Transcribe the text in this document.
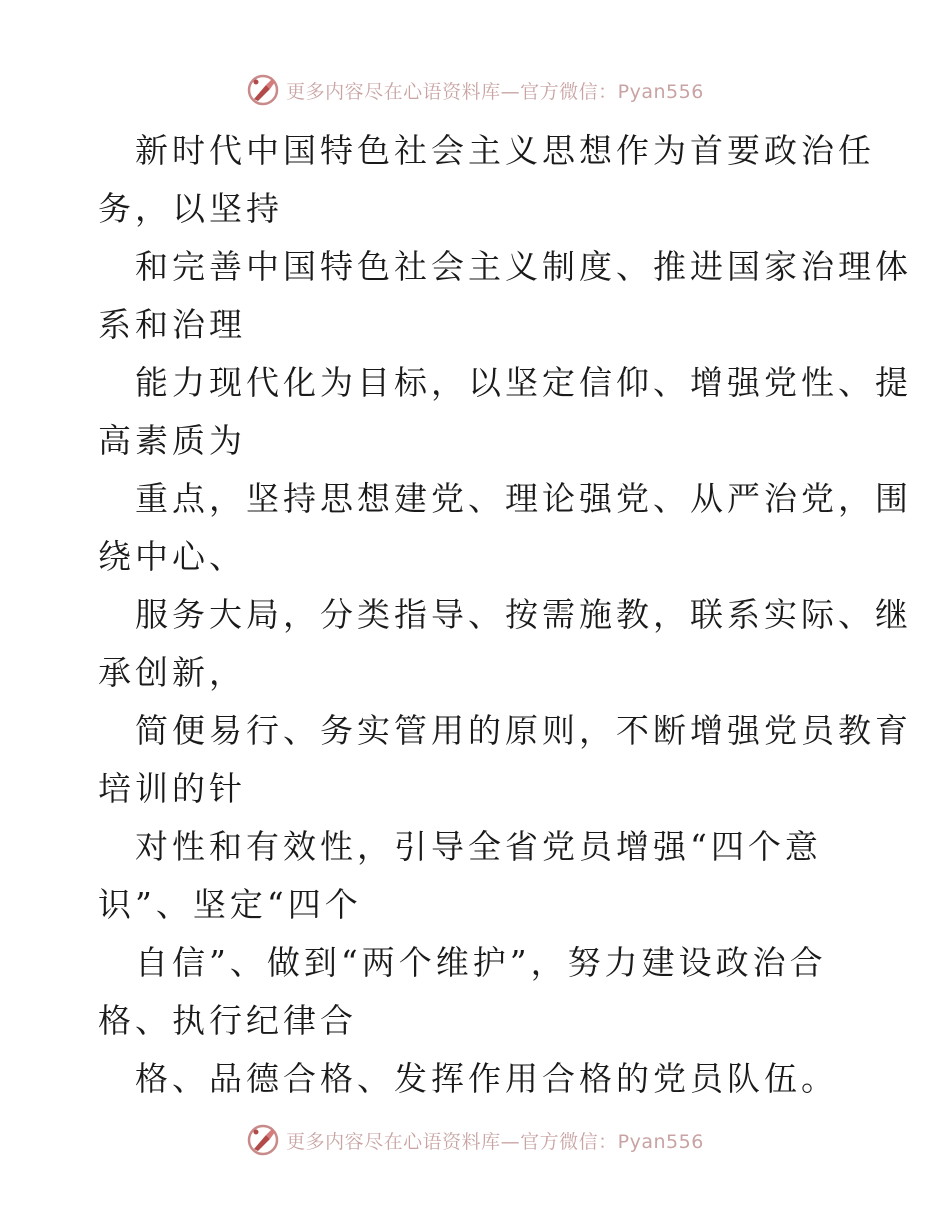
更多内容尽在心语资料库—官方微信：Pyan556

新时代中国特色社会主义思想作为首要政治任
务，以坚持

和完善中国特色社会主义制度、推进国家治理体
系和治理

能力现代化为目标，以坚定信仰、增强党性、提
高素质为

重点，坚持思想建党、理论强党、从严治党，围
绕中心、

服务大局，分类指导、按需施教，联系实际、继
承创新，

简便易行、务实管用的原则，不断增强党员教育
培训的针

对性和有效性，引导全省党员增强“四个意
识”、坚定“四个

自信”、做到“两个维护”，努力建设政治合
格、执行纪律合

格、品德合格、发挥作用合格的党员队伍。

更多内容尽在心语资料库—官方微信：Pyan556
